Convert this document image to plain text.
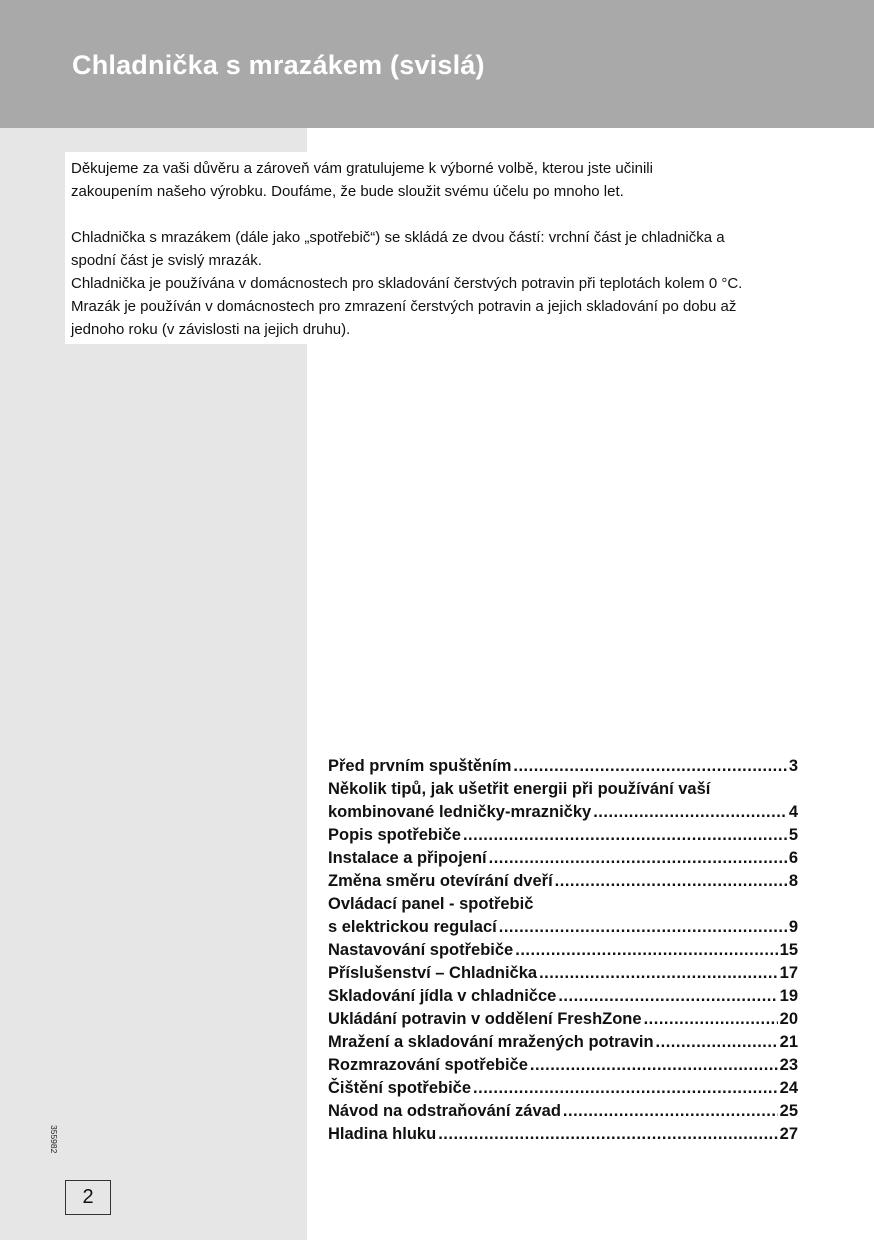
Chladnička s mrazákem (svislá)

Děkujeme za vaši důvěru a zároveň vám gratulujeme k výborné volbě, kterou jste učinili

zakoupením našeho výrobku. Doufáme, že bude sloužit svému účelu po mnoho let.

Chladnička s mrazákem (dále jako „spotřebič“) se skládá ze dvou částí: vrchní část je chladnička a

spodní část je svislý mrazák.

Chladnička je používána v domácnostech pro skladování čerstvých potravin při teplotách kolem 0 °C.

Mrazák je používán v domácnostech pro zmrazení čerstvých potravin a jejich skladování po dobu až

jednoho roku (v závislosti na jejich druhu).

Před prvním spuštěním .....	3
Několik tipů, jak ušetřit energii při používání vaší
kombinované ledničky-mrazničky .....	4
Popis spotřebiče .....	5
Instalace a připojení .....	6
Změna směru otevírání dveří .....	8
Ovládací panel - spotřebič
s elektrickou regulací .....	9
Nastavování spotřebiče .....	15
Příslušenství – Chladnička .....	17
Skladování jídla v chladničce .....	19
Ukládání potravin v oddělení FreshZone .....	20
Mražení a skladování mražených potravin .....	21
Rozmrazování spotřebiče .....	23
Čištění spotřebiče .....	24
Návod na odstraňování závad .....	25
Hladina hluku .....	27
355982
2
